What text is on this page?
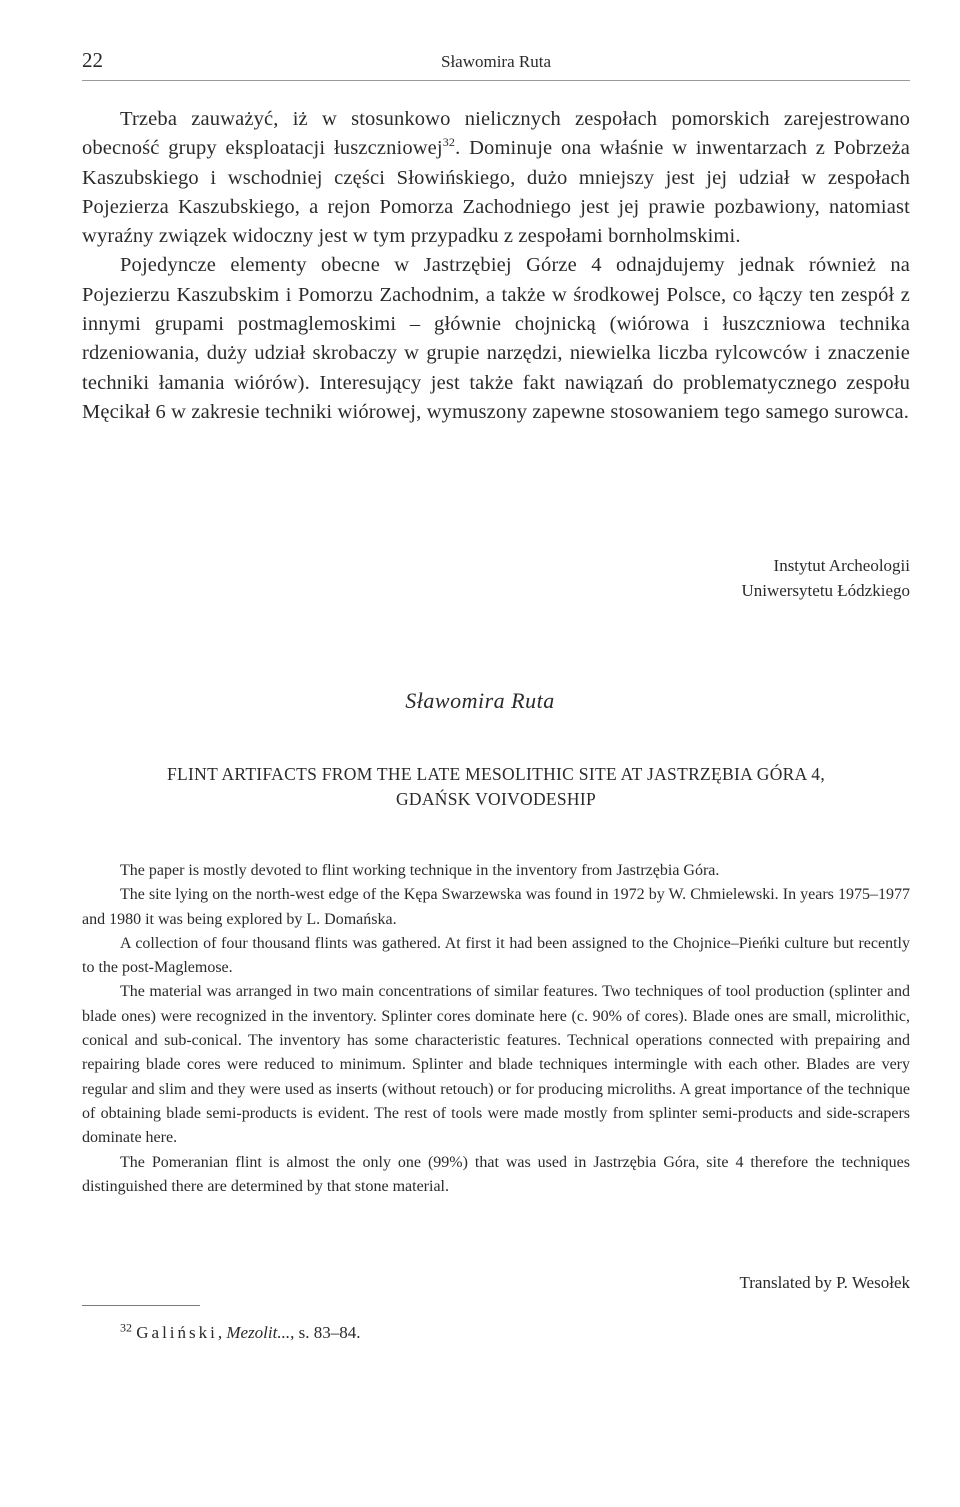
22	Sławomira Ruta

Trzeba zauważyć, iż w stosunkowo nielicznych zespołach pomorskich zarejestrowano obecność grupy eksploatacji łuszczniowej$^{32}$. Dominuje ona właśnie w inwentarzach z Pobrzeża Kaszubskiego i wschodniej części Słowińskiego, dużo mniejszy jest jej udział w zespołach Pojezierza Kaszubskiego, a rejon Pomorza Zachodniego jest jej prawie pozbawiony, natomiast wyraźny związek widoczny jest w tym przypadku z zespołami bornholmskimi.

Pojedyncze elementy obecne w Jastrzębiej Górze 4 odnajdujemy jednak również na Pojezierzu Kaszubskim i Pomorzu Zachodnim, a także w środkowej Polsce, co łączy ten zespół z innymi grupami postmaglemoskimi – głównie chojnicką (wiórowa i łuszczniowa technika rdzeniowania, duży udział skrobaczy w grupie narzędzi, niewielka liczba rylcowców i znaczenie techniki łamania wiórów). Interesujący jest także fakt nawiązań do problematycznego zespołu Męcikał 6 w zakresie techniki wiórowej, wymuszony zapewne stosowaniem tego samego surowca.

Instytut Archeologii
Uniwersytetu Łódzkiego
Sławomira Ruta
FLINT ARTIFACTS FROM THE LATE MESOLITHIC SITE AT JASTRZĘBIA GÓRA 4,
GDAŃSK VOIVODESHIP

The paper is mostly devoted to flint working technique in the inventory from Jastrzębia Góra.

The site lying on the north-west edge of the Kępa Swarzewska was found in 1972 by W. Chmielewski. In years 1975–1977 and 1980 it was being explored by L. Domańska.

A collection of four thousand flints was gathered. At first it had been assigned to the Chojnice–Pieńki culture but recently to the post-Maglemose.

The material was arranged in two main concentrations of similar features. Two techniques of tool production (splinter and blade ones) were recognized in the inventory. Splinter cores dominate here (c. 90% of cores). Blade ones are small, microlithic, conical and sub-conical. The inventory has some characteristic features. Technical operations connected with prepairing and repairing blade cores were reduced to minimum. Splinter and blade techniques intermingle with each other. Blades are very regular and slim and they were used as inserts (without retouch) or for producing microliths. A great importance of the technique of obtaining blade semi-products is evident. The rest of tools were made mostly from splinter semi-products and side-scrapers dominate here.

The Pomeranian flint is almost the only one (99%) that was used in Jastrzębia Góra, site 4 therefore the techniques distinguished there are determined by that stone material.

Translated by P. Wesołek
$^{32}$ Galiński, Mezolit..., s. 83–84.
